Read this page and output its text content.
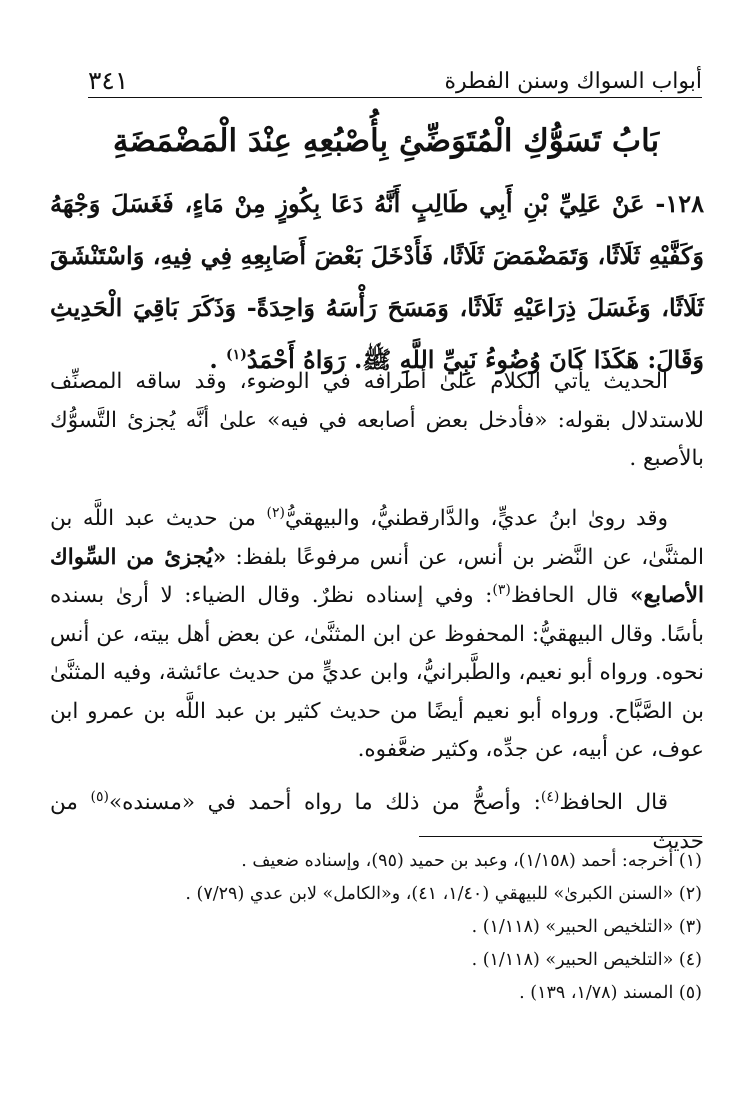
أبواب السواك وسنن الفطرة
٣٤١
بَابُ تَسَوُّكِ الْمُتَوَضِّئِ بِأُصْبُعِهِ عِنْدَ الْمَضْمَضَةِ
١٢٨- عَنْ عَلِيِّ بْنِ أَبِي طَالِبٍ أَنَّهُ دَعَا بِكُوزٍ مِنْ مَاءٍ، فَغَسَلَ وَجْهَهُ وَكَفَّيْهِ ثَلَاثًا، وَتَمَضْمَضَ ثَلَاثًا، فَأَدْخَلَ بَعْضَ أَصَابِعِهِ فِي فِيهِ، وَاسْتَنْشَقَ ثَلَاثًا، وَغَسَلَ ذِرَاعَيْهِ ثَلَاثًا، وَمَسَحَ رَأْسَهُ وَاحِدَةً- وَذَكَرَ بَاقِيَ الْحَدِيثِ وَقَالَ: هَكَذَا كَانَ وُضُوءُ نَبِيِّ اللَّهِ ﷺ. رَوَاهُ أَحْمَدُ$^{(١)}$ .
الحديث يأتي الكلام علىٰ أطرافه في الوضوء، وقد ساقه المصنِّف للاستدلال بقوله: «فأدخل بعض أصابعه في فيه» علىٰ أنَّه يُجزئ التَّسوُّك بالأصبع .
وقد روىٰ ابنُ عديٍّ، والدَّارقطنيُّ، والبيهقيُّ$^{(٢)}$ من حديث عبد اللَّه بن المثنَّىٰ، عن النَّضر بن أنس، عن أنس مرفوعًا بلفظ: «يُجزئ من السِّواك الأصابع» قال الحافظ$^{(٣)}$: وفي إسناده نظرٌ. وقال الضياء: لا أرىٰ بسنده بأسًا. وقال البيهقيُّ: المحفوظ عن ابن المثنَّىٰ، عن بعض أهل بيته، عن أنس نحوه. ورواه أبو نعيم، والطَّبرانيُّ، وابن عديٍّ من حديث عائشة، وفيه المثنَّىٰ بن الصَّبَّاح. ورواه أبو نعيم أيضًا من حديث كثير بن عبد اللَّه بن عمرو ابن عوف، عن أبيه، عن جدِّه، وكثير ضعَّفوه.
قال الحافظ$^{(٤)}$: وأصحُّ من ذلك ما رواه أحمد في «مسنده»$^{(٥)}$ من حديث
(١) أخرجه: أحمد (١/١٥٨)، وعبد بن حميد (٩٥)، وإسناده ضعيف .
(٢) «السنن الكبرىٰ» للبيهقي (١/٤٠، ٤١)، و«الكامل» لابن عدي (٧/٢٩) .
(٣) «التلخيص الحبير» (١/١١٨) .
(٤) «التلخيص الحبير» (١/١١٨) .
(٥) المسند (١/٧٨، ١٣٩) .
